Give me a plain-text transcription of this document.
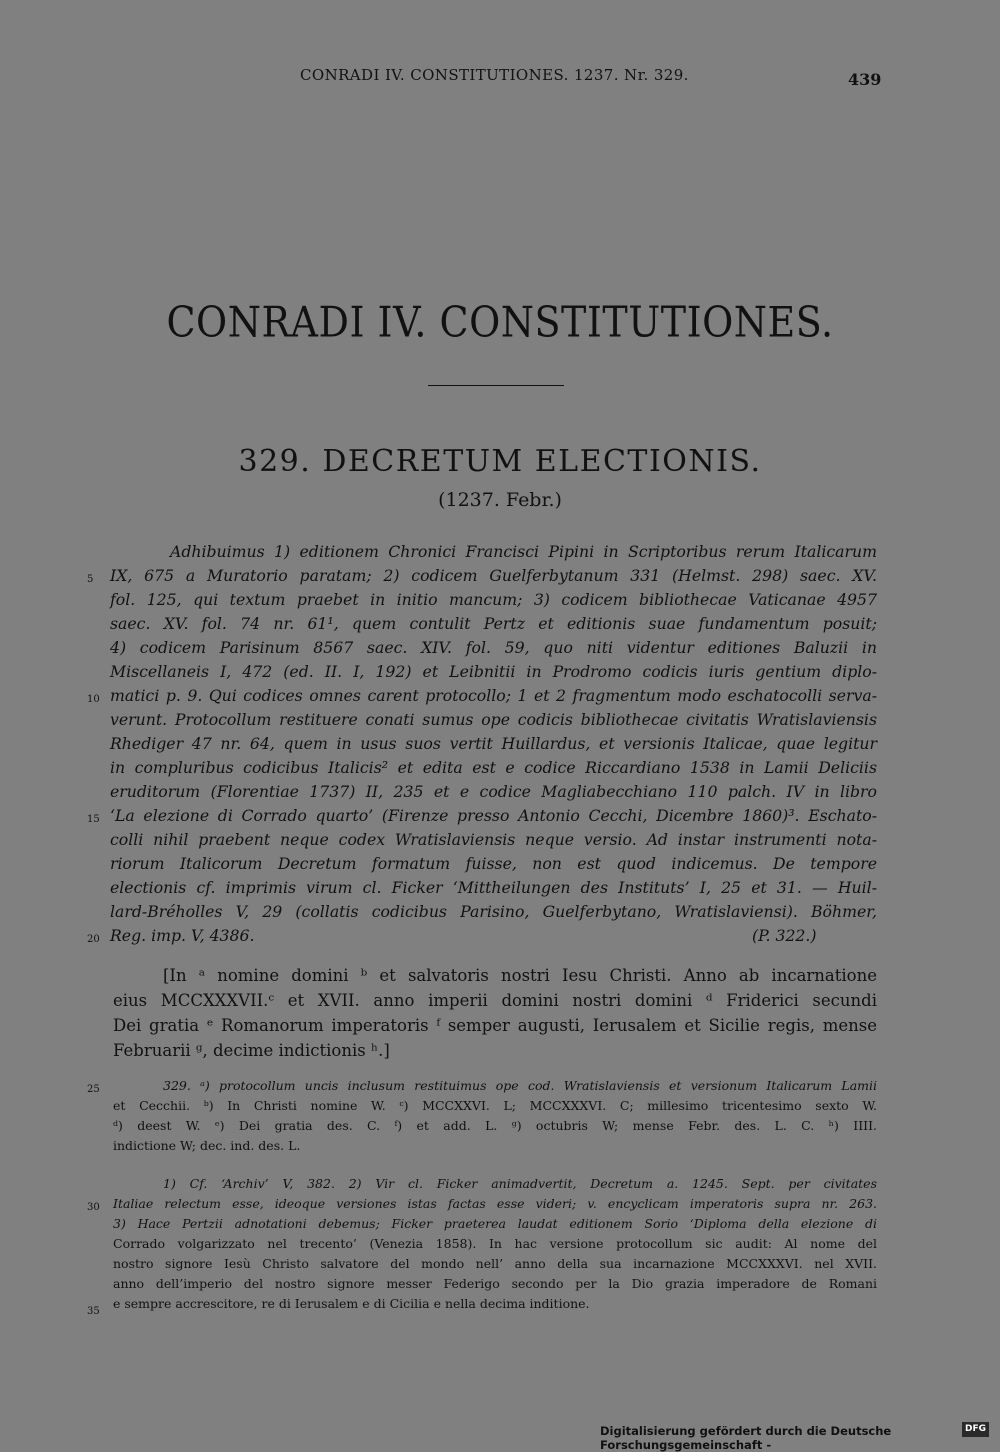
CONRADI IV. CONSTITUTIONES. 1237. Nr. 329.	439
CONRADI IV. CONSTITUTIONES.
329. DECRETUM ELECTIONIS.
(1237. Febr.)
5
10
15
20
25
30
35
Adhibuimus 1) editionem Chronici Francisci Pipini in Scriptoribus rerum Italicarum
IX, 675 a Muratorio paratam; 2) codicem Guelferbytanum 331 (Helmst. 298) saec. XV.
fol. 125, qui textum praebet in initio mancum; 3) codicem bibliothecae Vaticanae 4957
saec. XV. fol. 74 nr. 61¹, quem contulit Pertz et editionis suae fundamentum posuit;
4) codicem Parisinum 8567 saec. XIV. fol. 59, quo niti videntur editiones Baluzii in
Miscellaneis I, 472 (ed. II. I, 192) et Leibnitii in Prodromo codicis iuris gentium diplo-
matici p. 9. Qui codices omnes carent protocollo; 1 et 2 fragmentum modo eschatocolli serva-
verunt. Protocollum restituere conati sumus ope codicis bibliothecae civitatis Wratislaviensis
Rhediger 47 nr. 64, quem in usus suos vertit Huillardus, et versionis Italicae, quae legitur
in compluribus codicibus Italicis² et edita est e codice Riccardiano 1538 in Lamii Deliciis
eruditorum (Florentiae 1737) II, 235 et e codice Magliabecchiano 110 palch. IV in libro
‘La elezione di Corrado quarto’ (Firenze presso Antonio Cecchi, Dicembre 1860)³. Eschato-
colli nihil praebent neque codex Wratislaviensis neque versio. Ad instar instrumenti nota-
riorum Italicorum Decretum formatum fuisse, non est quod indicemus. De tempore
electionis cf. imprimis virum cl. Ficker ‘Mittheilungen des Instituts’ I, 25 et 31. — Huil-
lard-Bréholles V, 29 (collatis codicibus Parisino, Guelferbytano, Wratislaviensi). Böhmer,
Reg. imp. V, 4386.	(P. 322.)
[In ᵃ nomine domini ᵇ et salvatoris nostri Iesu Christi. Anno ab incarnatione
eius MCCXXXVII.ᶜ et XVII. anno imperii domini nostri domini ᵈ Friderici secundi
Dei gratia ᵉ Romanorum imperatoris ᶠ semper augusti, Ierusalem et Sicilie regis, mense
Februarii ᵍ, decime indictionis ʰ.]
329. ᵃ) protocollum uncis inclusum restituimus ope cod. Wratislaviensis et versionum Italicarum Lamii
et Cecchii. ᵇ) In Christi nomine W. ᶜ) MCCXXVI. L; MCCXXXVI. C; millesimo tricentesimo sexto W.
ᵈ) deest W. ᵉ) Dei gratia des. C. ᶠ) et add. L. ᵍ) octubris W; mense Febr. des. L. C. ʰ) IIII.
indictione W; dec. ind. des. L.
1) Cf. ‘Archiv’ V, 382. 2) Vir cl. Ficker animadvertit, Decretum a. 1245. Sept. per civitates
Italiae relectum esse, ideoque versiones istas factas esse videri; v. encyclicam imperatoris supra nr. 263.
3) Hace Pertzii adnotationi debemus; Ficker praeterea laudat editionem Sorio ‘Diploma della elezione di
Corrado volgarizzato nel trecento’ (Venezia 1858). In hac versione protocollum sic audit: Al nome del
nostro signore Iesù Christo salvatore del mondo nell’ anno della sua incarnazione MCCXXXVI. nel XVII.
anno dell’imperio del nostro signore messer Federigo secondo per la Dio grazia imperadore de Romani
e sempre accrescitore, re di Ierusalem e di Cicilia e nella decima inditione.
Digitalisierung gefördert durch die Deutsche Forschungsgemeinschaft -
DFG
